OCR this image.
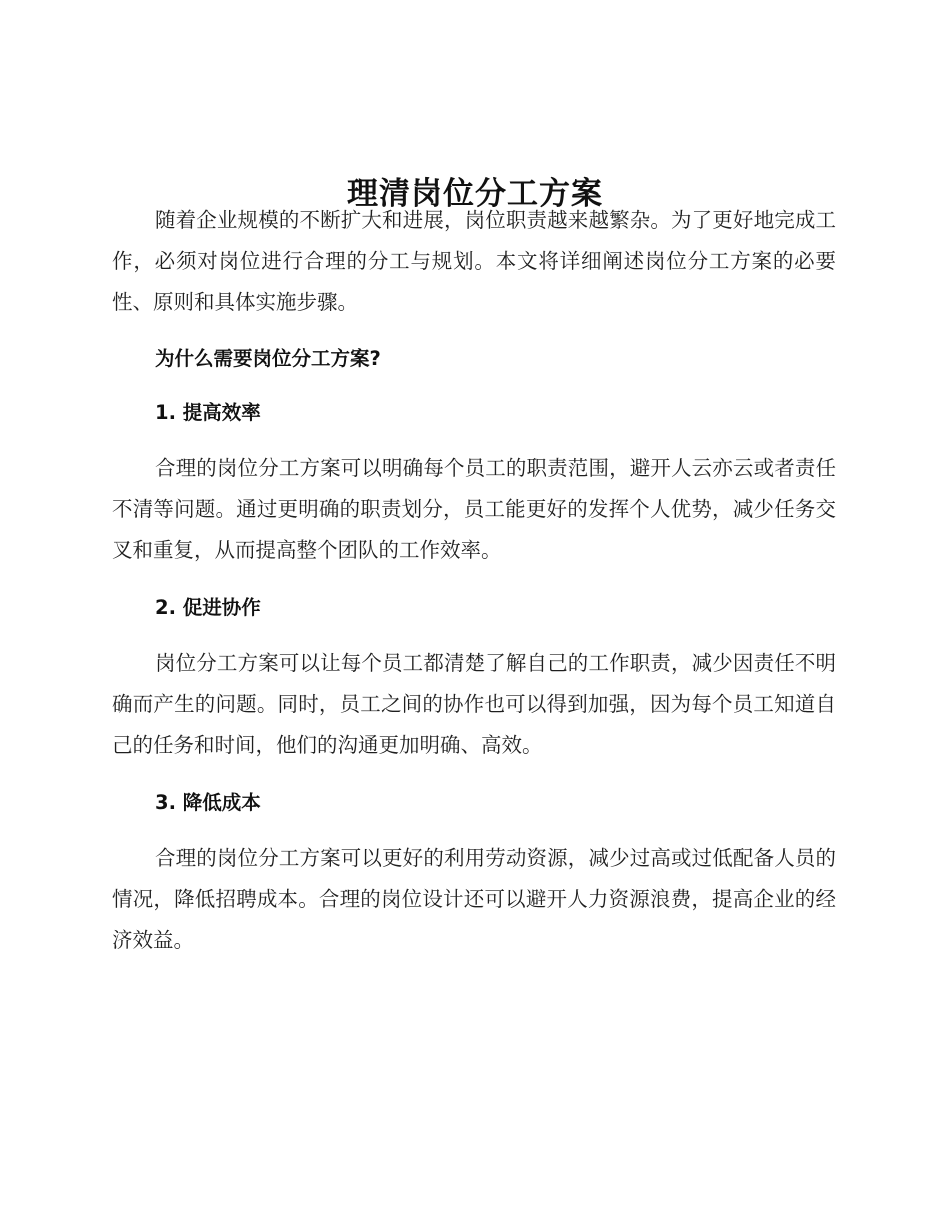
理清岗位分工方案

随着企业规模的不断扩大和进展，岗位职责越来越繁杂。为了更好地完成工作，必须对岗位进行合理的分工与规划。本文将详细阐述岗位分工方案的必要性、原则和具体实施步骤。

为什么需要岗位分工方案?
1. 提高效率

合理的岗位分工方案可以明确每个员工的职责范围，避开人云亦云或者责任不清等问题。通过更明确的职责划分，员工能更好的发挥个人优势，减少任务交叉和重复，从而提高整个团队的工作效率。

2. 促进协作

岗位分工方案可以让每个员工都清楚了解自己的工作职责，减少因责任不明确而产生的问题。同时，员工之间的协作也可以得到加强，因为每个员工知道自己的任务和时间，他们的沟通更加明确、高效。

3. 降低成本

合理的岗位分工方案可以更好的利用劳动资源，减少过高或过低配备人员的情况，降低招聘成本。合理的岗位设计还可以避开人力资源浪费，提高企业的经济效益。
